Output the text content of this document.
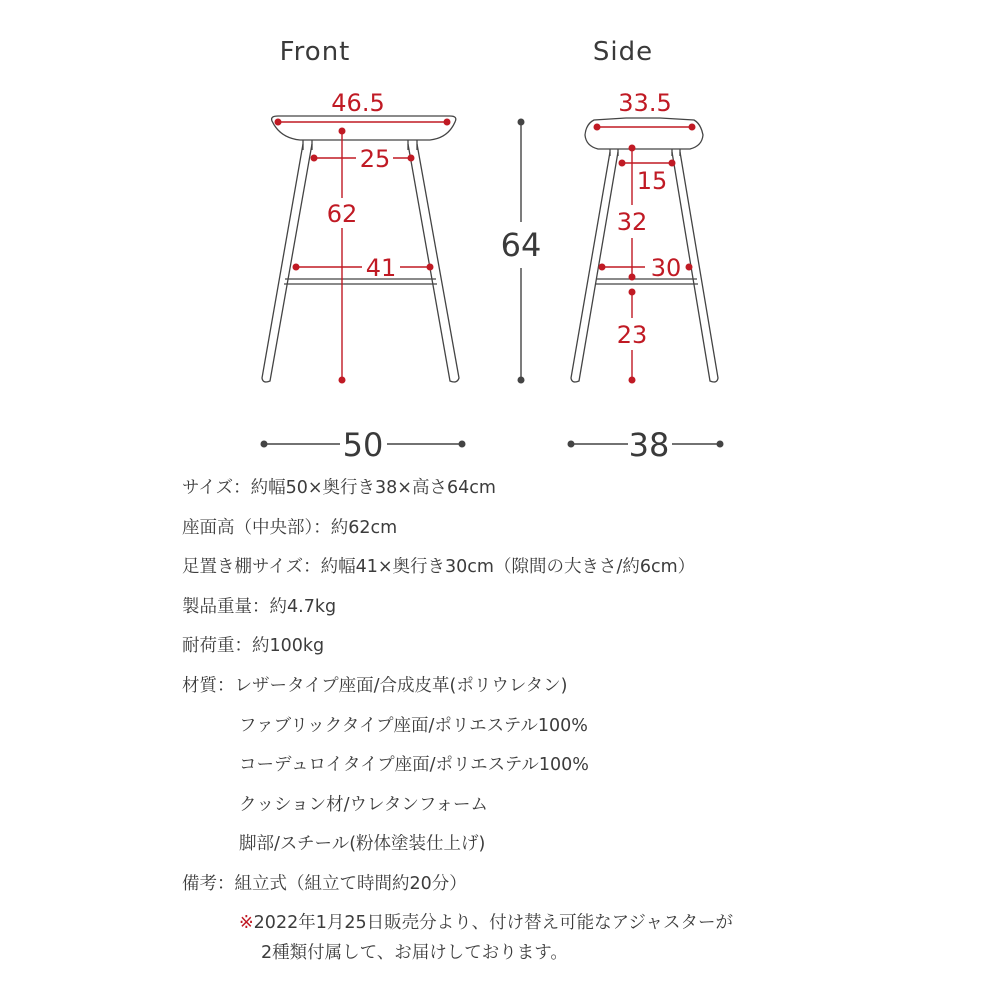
Front
46.5
25
62
41
50
64
Side
33.5
15
32
30
23
38
サイズ：約幅50×奥行き38×高さ64cm
座面高（中央部）：約62cm
足置き棚サイズ：約幅41×奥行き30cm（隙間の大きさ/約6cm）
製品重量：約4.7kg
耐荷重：約100kg
材質：レザータイプ座面/合成皮革(ポリウレタン)
ファブリックタイプ座面/ポリエステル100%
コーデュロイタイプ座面/ポリエステル100%
クッション材/ウレタンフォーム
脚部/スチール(粉体塗装仕上げ)
備考：組立式（組立て時間約20分）
※2022年1月25日販売分より、付け替え可能なアジャスターが
2種類付属して、お届けしております。
